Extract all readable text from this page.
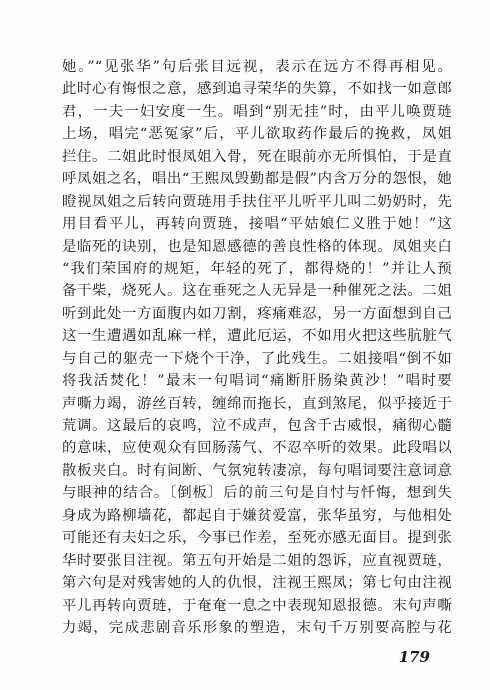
她。”“见张华”句后张目远视，表示在远方不得再相见。
此时心有悔恨之意，感到追寻荣华的失算，不如找一如意郎
君，一夫一妇安度一生。唱到“别无挂”时，由平儿唤贾琏
上场，唱完“恶冤家”后，平儿欲取药作最后的挽救，凤姐
拦住。二姐此时恨凤姐入骨，死在眼前亦无所惧怕，于是直
呼凤姐之名，唱出“王熙凤毁勤都是假”内含万分的怨恨，她
瞪视凤姐之后转向贾琏用手扶住平儿听平儿叫二奶奶时，先
用目看平儿，再转向贾琏，接唱“平姑娘仁义胜于她！”这
是临死的诀别，也是知恩感德的善良性格的体现。凤姐夹白
“我们荣国府的规矩，年轻的死了，都得烧的！”并让人预
备干柴，烧死人。这在垂死之人无异是一种催死之法。二姐
听到此处一方面腹内如刀割，疼痛难忍，另一方面想到自己
这一生遭遇如乱麻一样，遭此厄运，不如用火把这些肮脏气
与自己的躯壳一下烧个干净，了此残生。二姐接唱“倒不如
将我活焚化！”最末一句唱词“痛断肝肠染黄沙！”唱时要
声嘶力竭，游丝百转，缠绵而拖长，直到煞尾，似乎接近于
荒调。这最后的哀鸣，泣不成声，包含千古威恨，痛彻心髓
的意味，应使观众有回肠荡气、不忍卒听的效果。此段唱以
散板夹白。时有间断、气氛宛转凄凉，每句唱词要注意词意
与眼神的结合。〔倒板〕后的前三句是自忖与忏悔，想到失
身成为路柳墙花，都起自于嫌贫爱富，张华虽穷，与他相处
可能还有夫妇之乐，今事已作差，至死亦感无面目。提到张
华时要张目注视。第五句开始是二姐的怨诉，应直视贾琏，
第六句是对残害她的人的仇恨，注视王熙凤；第七句由注视
平儿再转向贾琏，于奄奄一息之中表现知恩报德。末句声嘶
力竭，完成悲剧音乐形象的塑造，末句千万别要高腔与花
179
